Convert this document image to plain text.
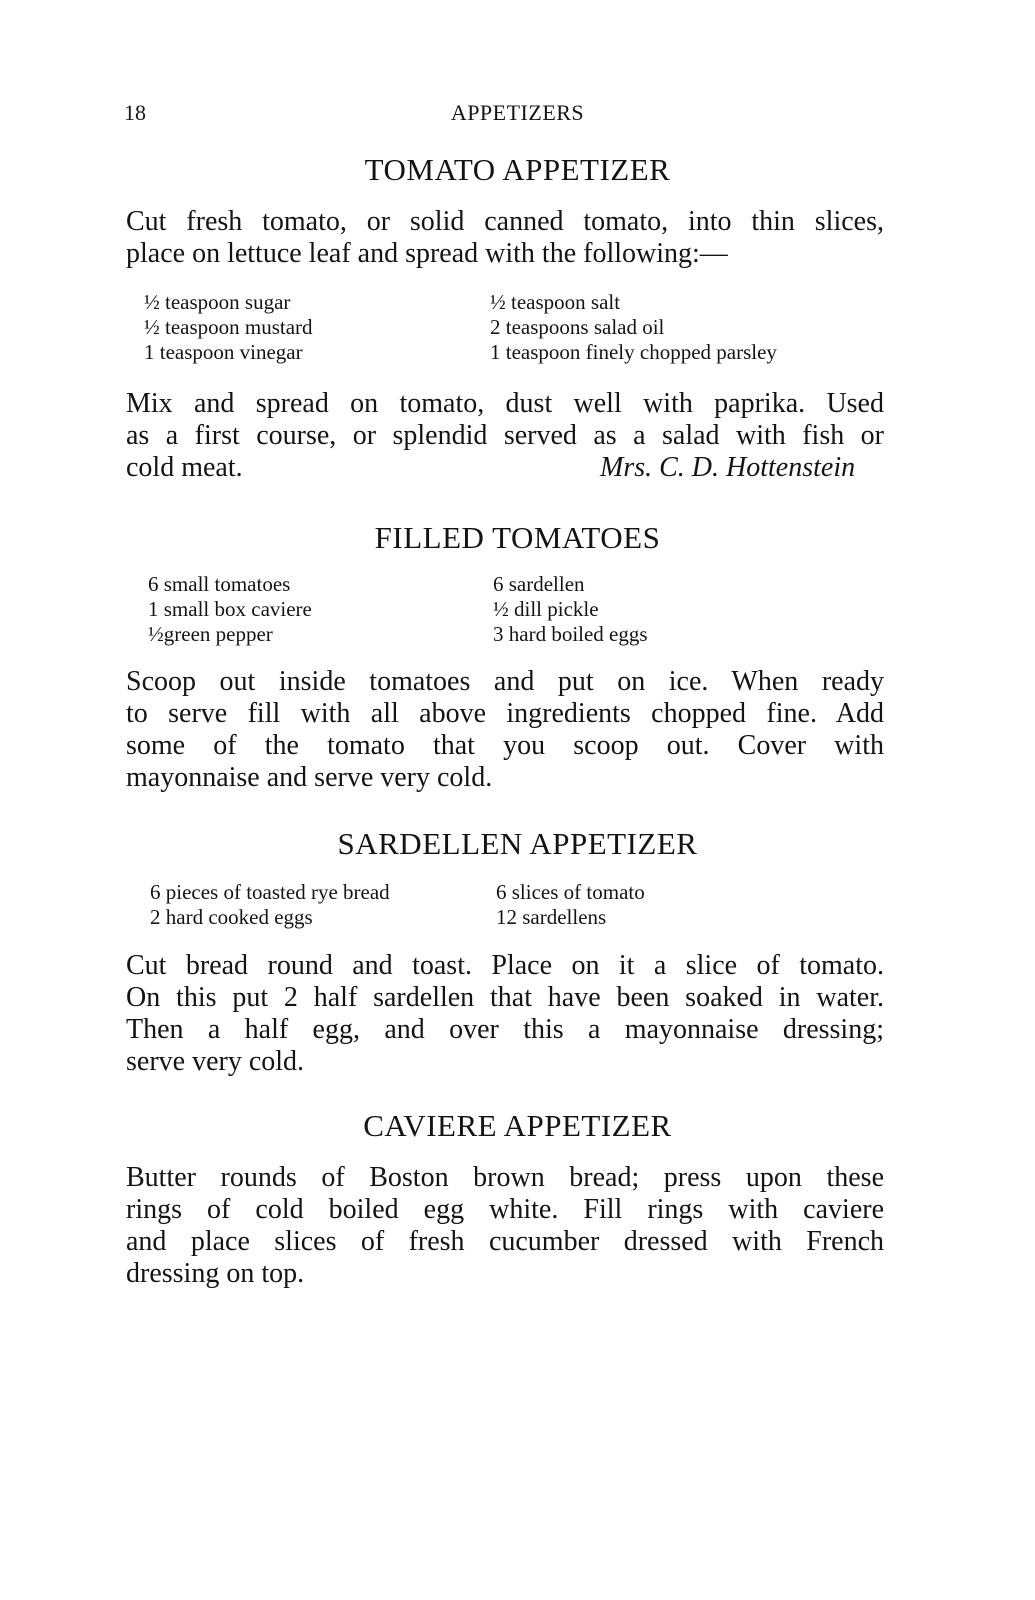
18	APPETIZERS
TOMATO APPETIZER
Cut fresh tomato, or solid canned tomato, into thin slices,
place on lettuce leaf and spread with the following:—
½ teaspoon sugar
½ teaspoon mustard
1 teaspoon vinegar
½ teaspoon salt
2 teaspoons salad oil
1 teaspoon finely chopped parsley
Mix and spread on tomato, dust well with paprika. Used
as a first course, or splendid served as a salad with fish or
cold meat.	Mrs. C. D. Hottenstein
FILLED TOMATOES
6 small tomatoes
1 small box caviere
½green pepper
6 sardellen
½ dill pickle
3 hard boiled eggs
Scoop out inside tomatoes and put on ice. When ready
to serve fill with all above ingredients chopped fine. Add
some of the tomato that you scoop out. Cover with
mayonnaise and serve very cold.
SARDELLEN APPETIZER
6 pieces of toasted rye bread
2 hard cooked eggs
6 slices of tomato
12 sardellens
Cut bread round and toast. Place on it a slice of tomato.
On this put 2 half sardellen that have been soaked in water.
Then a half egg, and over this a mayonnaise dressing;
serve very cold.
CAVIERE APPETIZER
Butter rounds of Boston brown bread; press upon these
rings of cold boiled egg white. Fill rings with caviere
and place slices of fresh cucumber dressed with French
dressing on top.
